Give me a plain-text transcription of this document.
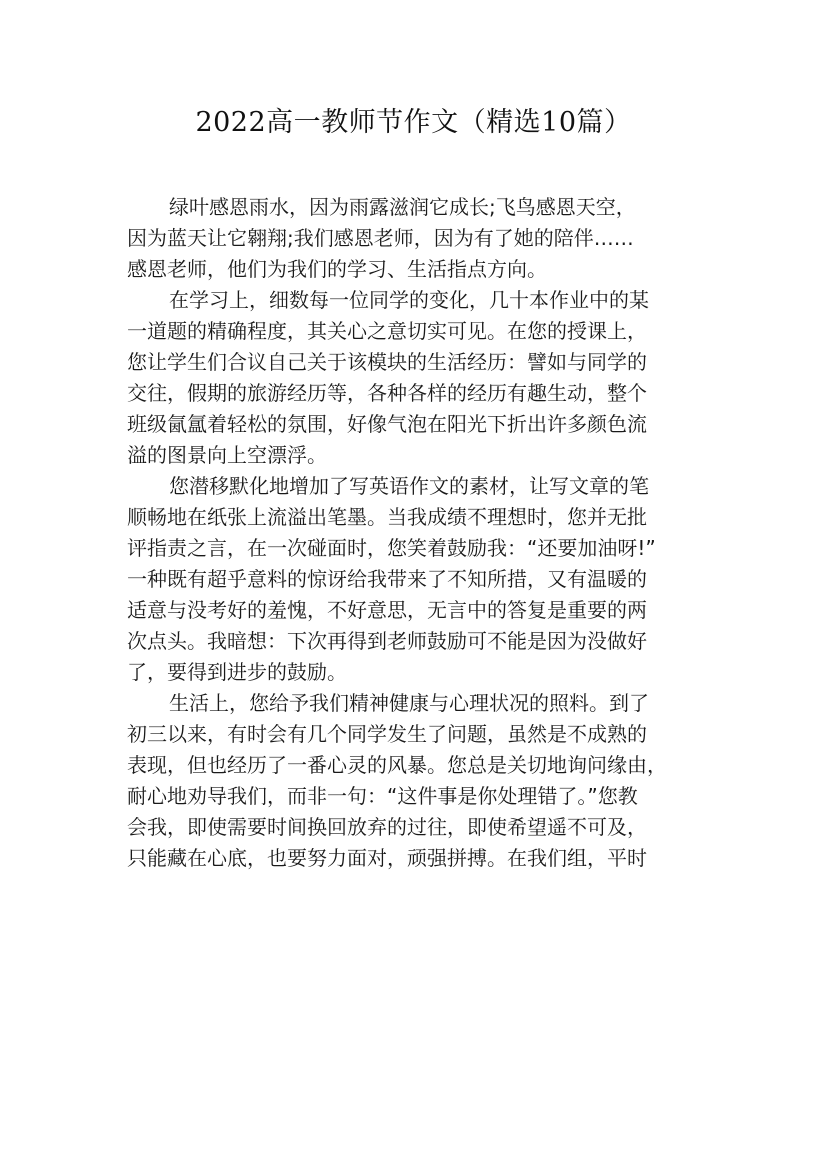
2022高一教师节作文（精选10篇）
绿叶感恩雨水，因为雨露滋润它成长;飞鸟感恩天空，
因为蓝天让它翱翔;我们感恩老师，因为有了她的陪伴……
感恩老师，他们为我们的学习、生活指点方向。
在学习上，细数每一位同学的变化，几十本作业中的某
一道题的精确程度，其关心之意切实可见。在您的授课上，
您让学生们合议自己关于该模块的生活经历：譬如与同学的
交往，假期的旅游经历等，各种各样的经历有趣生动，整个
班级氤氲着轻松的氛围，好像气泡在阳光下折出许多颜色流
溢的图景向上空漂浮。
您潜移默化地增加了写英语作文的素材，让写文章的笔
顺畅地在纸张上流溢出笔墨。当我成绩不理想时，您并无批
评指责之言，在一次碰面时，您笑着鼓励我：“还要加油呀!”
一种既有超乎意料的惊讶给我带来了不知所措，又有温暖的
适意与没考好的羞愧，不好意思，无言中的答复是重要的两
次点头。我暗想：下次再得到老师鼓励可不能是因为没做好
了，要得到进步的鼓励。
生活上，您给予我们精神健康与心理状况的照料。到了
初三以来，有时会有几个同学发生了问题，虽然是不成熟的
表现，但也经历了一番心灵的风暴。您总是关切地询问缘由，
耐心地劝导我们，而非一句：“这件事是你处理错了。”您教
会我，即使需要时间换回放弃的过往，即使希望遥不可及，
只能藏在心底，也要努力面对，顽强拼搏。在我们组，平时
